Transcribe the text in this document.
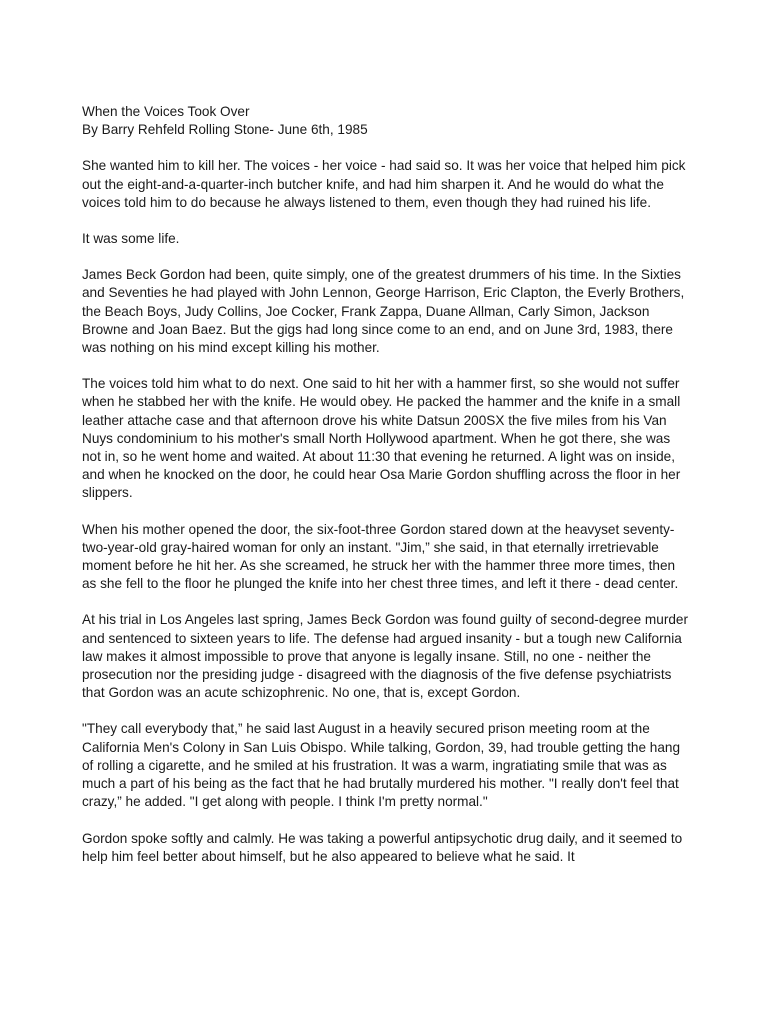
When the Voices Took Over

By Barry Rehfeld Rolling Stone- June 6th, 1985

She wanted him to kill her. The voices - her voice - had said so. It was her voice that helped him pick out the eight-and-a-quarter-inch butcher knife, and had him sharpen it. And he would do what the voices told him to do because he always listened to them, even though they had ruined his life.

It was some life.

James Beck Gordon had been, quite simply, one of the greatest drummers of his time. In the Sixties and Seventies he had played with John Lennon, George Harrison, Eric Clapton, the Everly Brothers, the Beach Boys, Judy Collins, Joe Cocker, Frank Zappa, Duane Allman, Carly Simon, Jackson Browne and Joan Baez. But the gigs had long since come to an end, and on June 3rd, 1983, there was nothing on his mind except killing his mother.

The voices told him what to do next. One said to hit her with a hammer first, so she would not suffer when he stabbed her with the knife. He would obey. He packed the hammer and the knife in a small leather attache case and that afternoon drove his white Datsun 200SX the five miles from his Van Nuys condominium to his mother's small North Hollywood apartment. When he got there, she was not in, so he went home and waited. At about 11:30 that evening he returned. A light was on inside, and when he knocked on the door, he could hear Osa Marie Gordon shuffling across the floor in her slippers.

When his mother opened the door, the six-foot-three Gordon stared down at the heavyset seventy-two-year-old gray-haired woman for only an instant. "Jim,” she said, in that eternally irretrievable moment before he hit her. As she screamed, he struck her with the hammer three more times, then as she fell to the floor he plunged the knife into her chest three times, and left it there - dead center.

At his trial in Los Angeles last spring, James Beck Gordon was found guilty of second-degree murder and sentenced to sixteen years to life. The defense had argued insanity - but a tough new California law makes it almost impossible to prove that anyone is legally insane. Still, no one - neither the prosecution nor the presiding judge - disagreed with the diagnosis of the five defense psychiatrists that Gordon was an acute schizophrenic. No one, that is, except Gordon.

"They call everybody that,” he said last August in a heavily secured prison meeting room at the California Men's Colony in San Luis Obispo. While talking, Gordon, 39, had trouble getting the hang of rolling a cigarette, and he smiled at his frustration. It was a warm, ingratiating smile that was as much a part of his being as the fact that he had brutally murdered his mother. "I really don't feel that crazy,” he added. "I get along with people. I think I'm pretty normal."

Gordon spoke softly and calmly. He was taking a powerful antipsychotic drug daily, and it seemed to help him feel better about himself, but he also appeared to believe what he said. It
